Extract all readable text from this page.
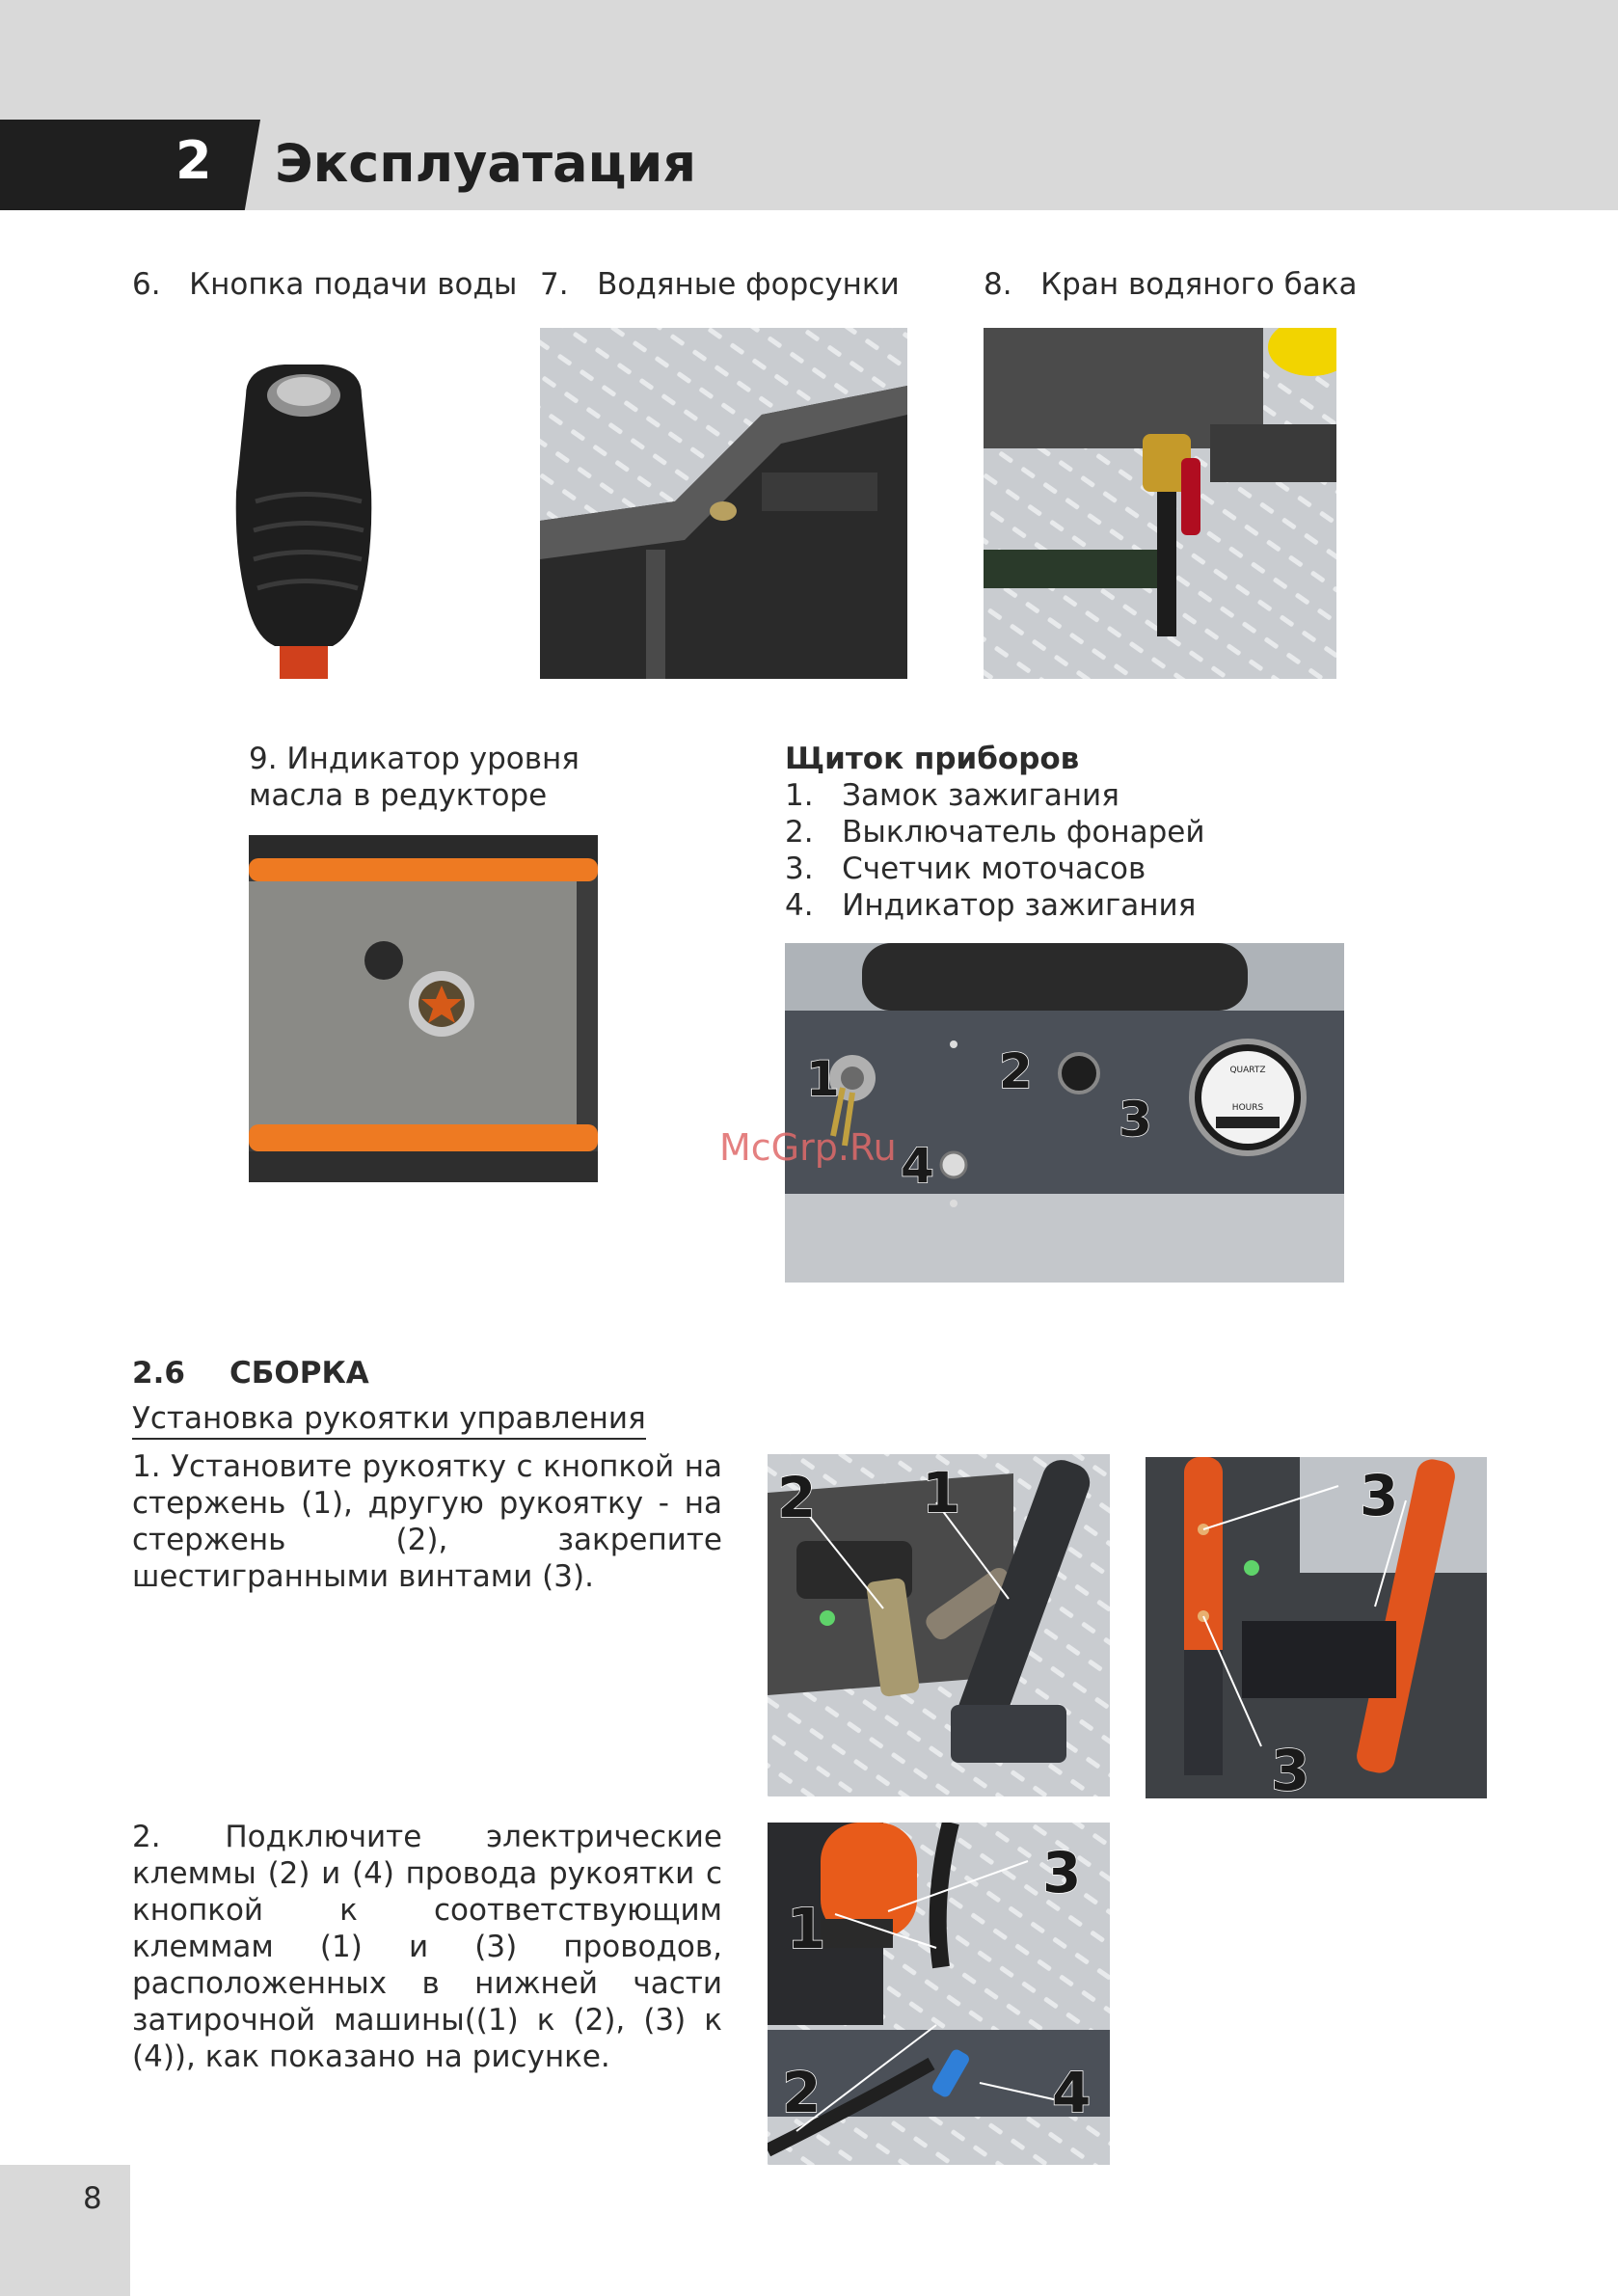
2 Эксплуатация
6. Кнопка подачи воды 7. Водяные форсунки	8. Кран водяного бака
9. Индикатор уровня
масла в редукторе
Щиток приборов
1. Замок зажигания
2. Выключатель фонарей
3. Счетчик моточасов
4. Индикатор зажигания
QUARTZ
HOURS
1	2
3
4
McGrp.Ru
2.6 СБОРКА
Установка рукоятки управления
1. Установите рукоятку с кнопкой на стержень (1), другую рукоятку - на стержень (2), закрепите шестигранными винтами (3).
2. Подключите электрические клеммы (2) и (4) провода рукоятки с кнопкой к соответствующим клеммам (1) и (3) проводов, расположенных в нижней части затирочной машины((1) к (2), (3) к (4)), как показано на рисунке.
2 1	3
3
3
1
2	4
8
